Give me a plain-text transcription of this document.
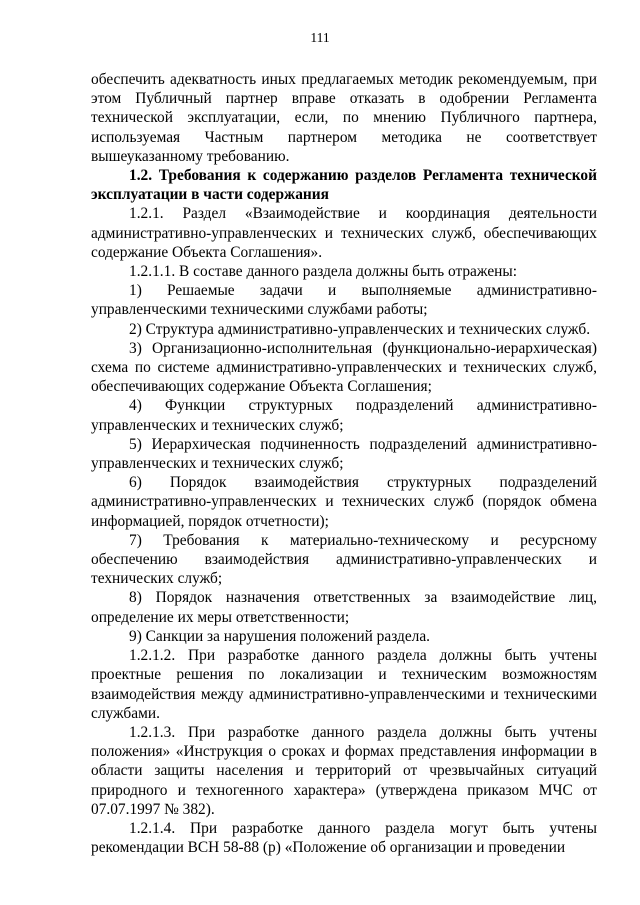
111

обеспечить адекватность иных предлагаемых методик рекомендуемым, при этом Публичный партнер вправе отказать в одобрении Регламента технической эксплуатации, если, по мнению Публичного партнера, используемая Частным партнером методика не соответствует вышеуказанному требованию.

1.2. Требования к содержанию разделов Регламента технической эксплуатации в части содержания

1.2.1. Раздел «Взаимодействие и координация деятельности административно-управленческих и технических служб, обеспечивающих содержание Объекта Соглашения».

1.2.1.1. В составе данного раздела должны быть отражены:

1) Решаемые задачи и выполняемые административно-управленческими техническими службами работы;

2) Структура административно-управленческих и технических служб.

3) Организационно-исполнительная (функционально-иерархическая) схема по системе административно-управленческих и технических служб, обеспечивающих содержание Объекта Соглашения;

4) Функции структурных подразделений административно-управленческих и технических служб;

5) Иерархическая подчиненность подразделений административно-управленческих и технических служб;

6) Порядок взаимодействия структурных подразделений административно-управленческих и технических служб (порядок обмена информацией, порядок отчетности);

7) Требования к материально-техническому и ресурсному обеспечению взаимодействия административно-управленческих и технических служб;

8) Порядок назначения ответственных за взаимодействие лиц, определение их меры ответственности;

9) Санкции за нарушения положений раздела.

1.2.1.2. При разработке данного раздела должны быть учтены проектные решения по локализации и техническим возможностям взаимодействия между административно-управленческими и техническими службами.

1.2.1.3. При разработке данного раздела должны быть учтены положения» «Инструкция о сроках и формах представления информации в области защиты населения и территорий от чрезвычайных ситуаций природного и техногенного характера» (утверждена приказом МЧС от 07.07.1997 № 382).

1.2.1.4. При разработке данного раздела могут быть учтены рекомендации ВСН 58-88 (р) «Положение об организации и проведении
